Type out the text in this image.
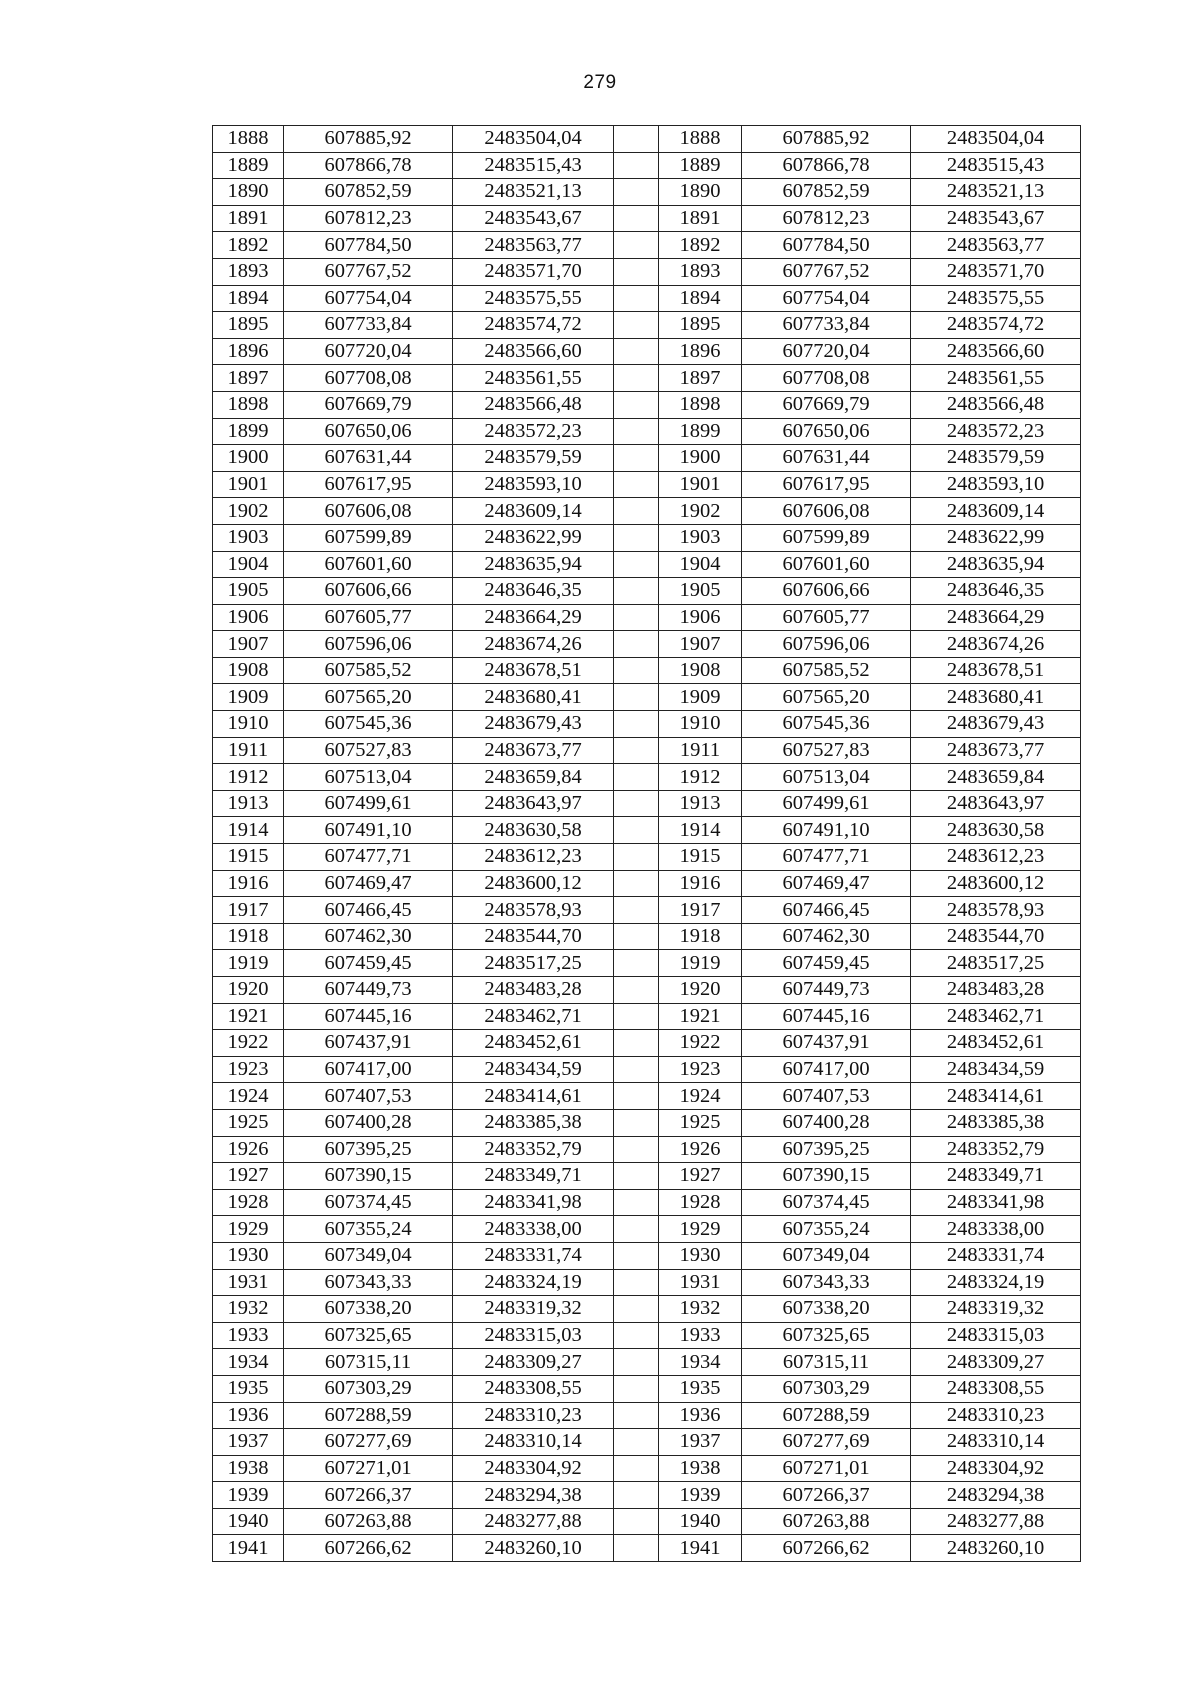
279
1888	607885,92	2483504,04		1888	607885,92	2483504,04
1889	607866,78	2483515,43		1889	607866,78	2483515,43
1890	607852,59	2483521,13		1890	607852,59	2483521,13
1891	607812,23	2483543,67		1891	607812,23	2483543,67
1892	607784,50	2483563,77		1892	607784,50	2483563,77
1893	607767,52	2483571,70		1893	607767,52	2483571,70
1894	607754,04	2483575,55		1894	607754,04	2483575,55
1895	607733,84	2483574,72		1895	607733,84	2483574,72
1896	607720,04	2483566,60		1896	607720,04	2483566,60
1897	607708,08	2483561,55		1897	607708,08	2483561,55
1898	607669,79	2483566,48		1898	607669,79	2483566,48
1899	607650,06	2483572,23		1899	607650,06	2483572,23
1900	607631,44	2483579,59		1900	607631,44	2483579,59
1901	607617,95	2483593,10		1901	607617,95	2483593,10
1902	607606,08	2483609,14		1902	607606,08	2483609,14
1903	607599,89	2483622,99		1903	607599,89	2483622,99
1904	607601,60	2483635,94		1904	607601,60	2483635,94
1905	607606,66	2483646,35		1905	607606,66	2483646,35
1906	607605,77	2483664,29		1906	607605,77	2483664,29
1907	607596,06	2483674,26		1907	607596,06	2483674,26
1908	607585,52	2483678,51		1908	607585,52	2483678,51
1909	607565,20	2483680,41		1909	607565,20	2483680,41
1910	607545,36	2483679,43		1910	607545,36	2483679,43
1911	607527,83	2483673,77		1911	607527,83	2483673,77
1912	607513,04	2483659,84		1912	607513,04	2483659,84
1913	607499,61	2483643,97		1913	607499,61	2483643,97
1914	607491,10	2483630,58		1914	607491,10	2483630,58
1915	607477,71	2483612,23		1915	607477,71	2483612,23
1916	607469,47	2483600,12		1916	607469,47	2483600,12
1917	607466,45	2483578,93		1917	607466,45	2483578,93
1918	607462,30	2483544,70		1918	607462,30	2483544,70
1919	607459,45	2483517,25		1919	607459,45	2483517,25
1920	607449,73	2483483,28		1920	607449,73	2483483,28
1921	607445,16	2483462,71		1921	607445,16	2483462,71
1922	607437,91	2483452,61		1922	607437,91	2483452,61
1923	607417,00	2483434,59		1923	607417,00	2483434,59
1924	607407,53	2483414,61		1924	607407,53	2483414,61
1925	607400,28	2483385,38		1925	607400,28	2483385,38
1926	607395,25	2483352,79		1926	607395,25	2483352,79
1927	607390,15	2483349,71		1927	607390,15	2483349,71
1928	607374,45	2483341,98		1928	607374,45	2483341,98
1929	607355,24	2483338,00		1929	607355,24	2483338,00
1930	607349,04	2483331,74		1930	607349,04	2483331,74
1931	607343,33	2483324,19		1931	607343,33	2483324,19
1932	607338,20	2483319,32		1932	607338,20	2483319,32
1933	607325,65	2483315,03		1933	607325,65	2483315,03
1934	607315,11	2483309,27		1934	607315,11	2483309,27
1935	607303,29	2483308,55		1935	607303,29	2483308,55
1936	607288,59	2483310,23		1936	607288,59	2483310,23
1937	607277,69	2483310,14		1937	607277,69	2483310,14
1938	607271,01	2483304,92		1938	607271,01	2483304,92
1939	607266,37	2483294,38		1939	607266,37	2483294,38
1940	607263,88	2483277,88		1940	607263,88	2483277,88
1941	607266,62	2483260,10		1941	607266,62	2483260,10
